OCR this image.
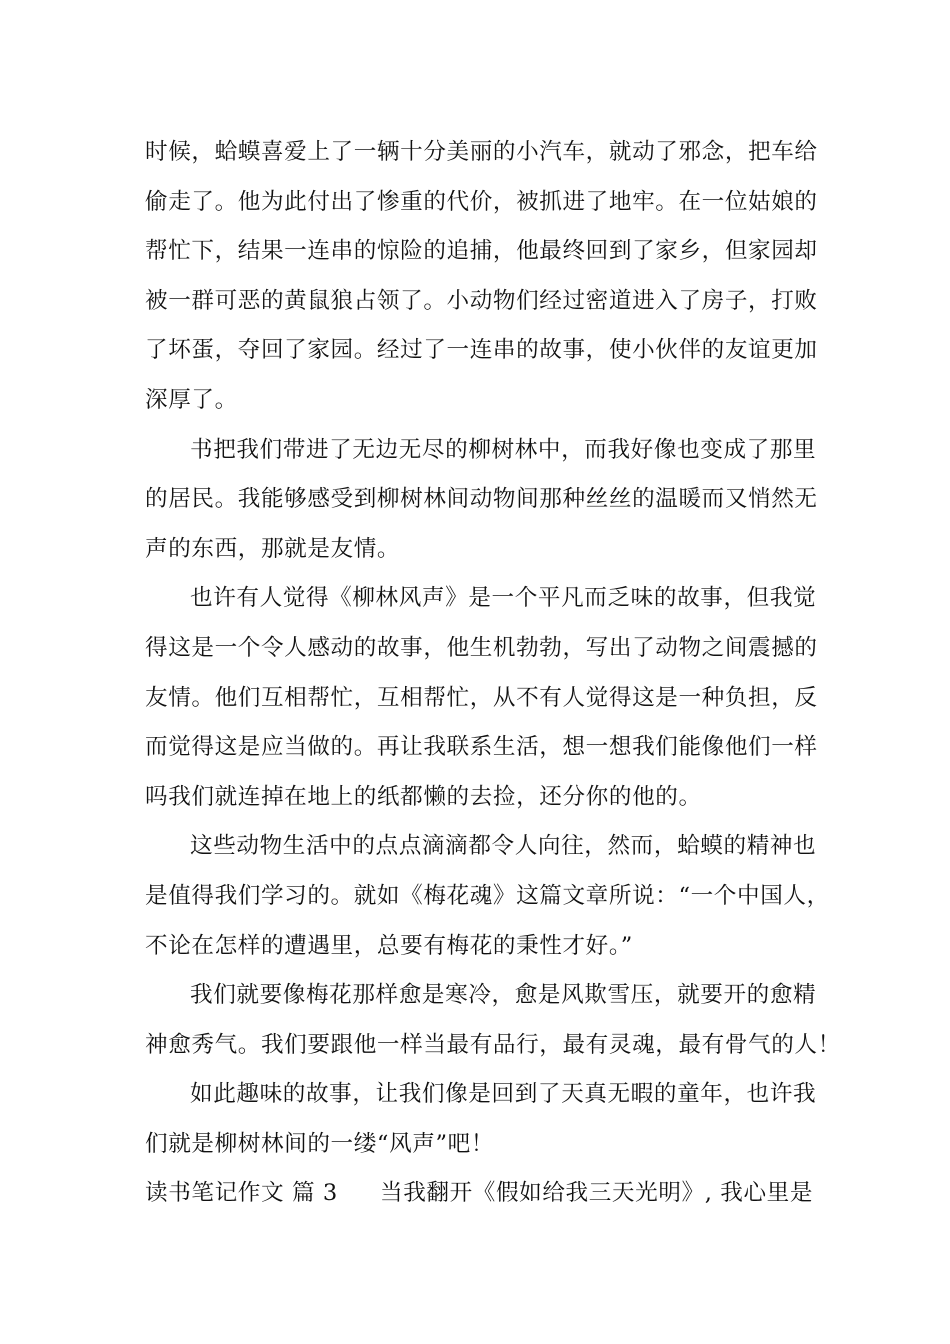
时候，蛤蟆喜爱上了一辆十分美丽的小汽车，就动了邪念，把车给
偷走了。他为此付出了惨重的代价，被抓进了地牢。在一位姑娘的
帮忙下，结果一连串的惊险的追捕，他最终回到了家乡，但家园却
被一群可恶的黄鼠狼占领了。小动物们经过密道进入了房子，打败
了坏蛋，夺回了家园。经过了一连串的故事，使小伙伴的友谊更加
深厚了。
书把我们带进了无边无尽的柳树林中，而我好像也变成了那里
的居民。我能够感受到柳树林间动物间那种丝丝的温暖而又悄然无
声的东西，那就是友情。
也许有人觉得《柳林风声》是一个平凡而乏味的故事，但我觉
得这是一个令人感动的故事，他生机勃勃，写出了动物之间震撼的
友情。他们互相帮忙，互相帮忙，从不有人觉得这是一种负担，反
而觉得这是应当做的。再让我联系生活，想一想我们能像他们一样
吗我们就连掉在地上的纸都懒的去捡，还分你的他的。
这些动物生活中的点点滴滴都令人向往，然而，蛤蟆的精神也
是值得我们学习的。就如《梅花魂》这篇文章所说：“一个中国人，
不论在怎样的遭遇里，总要有梅花的秉性才好。”
我们就要像梅花那样愈是寒冷，愈是风欺雪压，就要开的愈精
神愈秀气。我们要跟他一样当最有品行，最有灵魂，最有骨气的人！
如此趣味的故事，让我们像是回到了天真无暇的童年，也许我
们就是柳树林间的一缕“风声”吧！
读书笔记作文 篇 3 当我翻开《假如给我三天光明》, 我心里是
